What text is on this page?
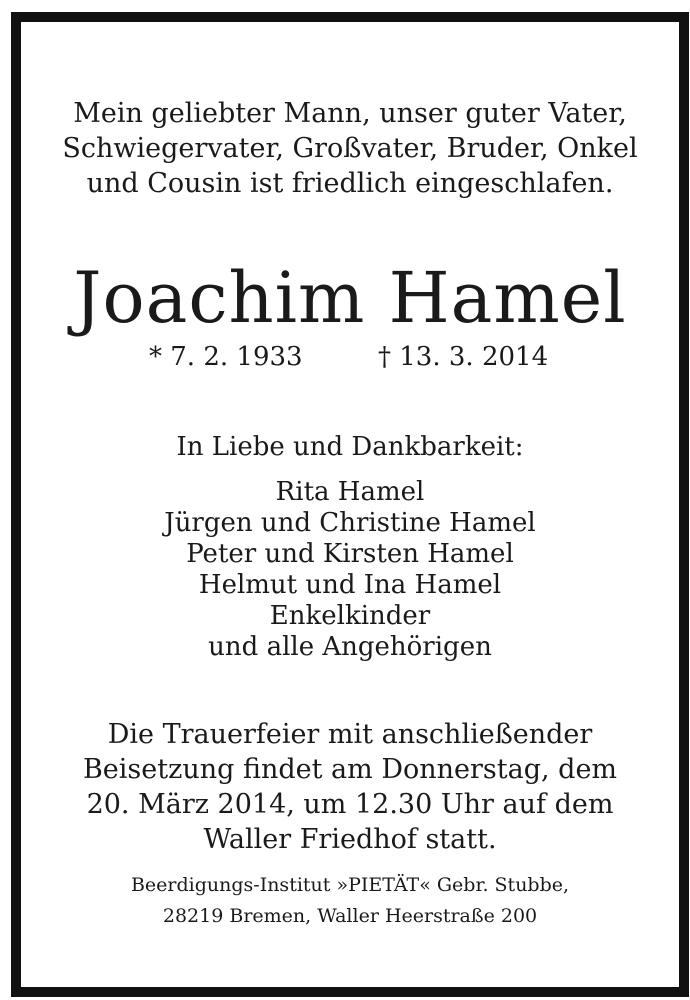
Mein geliebter Mann, unser guter Vater,
Schwiegervater, Großvater, Bruder, Onkel
und Cousin ist friedlich eingeschlafen.
Joachim Hamel
* 7. 2. 1933	† 13. 3. 2014
In Liebe und Dankbarkeit:
Rita Hamel
Jürgen und Christine Hamel
Peter und Kirsten Hamel
Helmut und Ina Hamel
Enkelkinder
und alle Angehörigen
Die Trauerfeier mit anschließender
Beisetzung findet am Donnerstag, dem
20. März 2014, um 12.30 Uhr auf dem
Waller Friedhof statt.
Beerdigungs-Institut »PIETÄT« Gebr. Stubbe,
28219 Bremen, Waller Heerstraße 200
